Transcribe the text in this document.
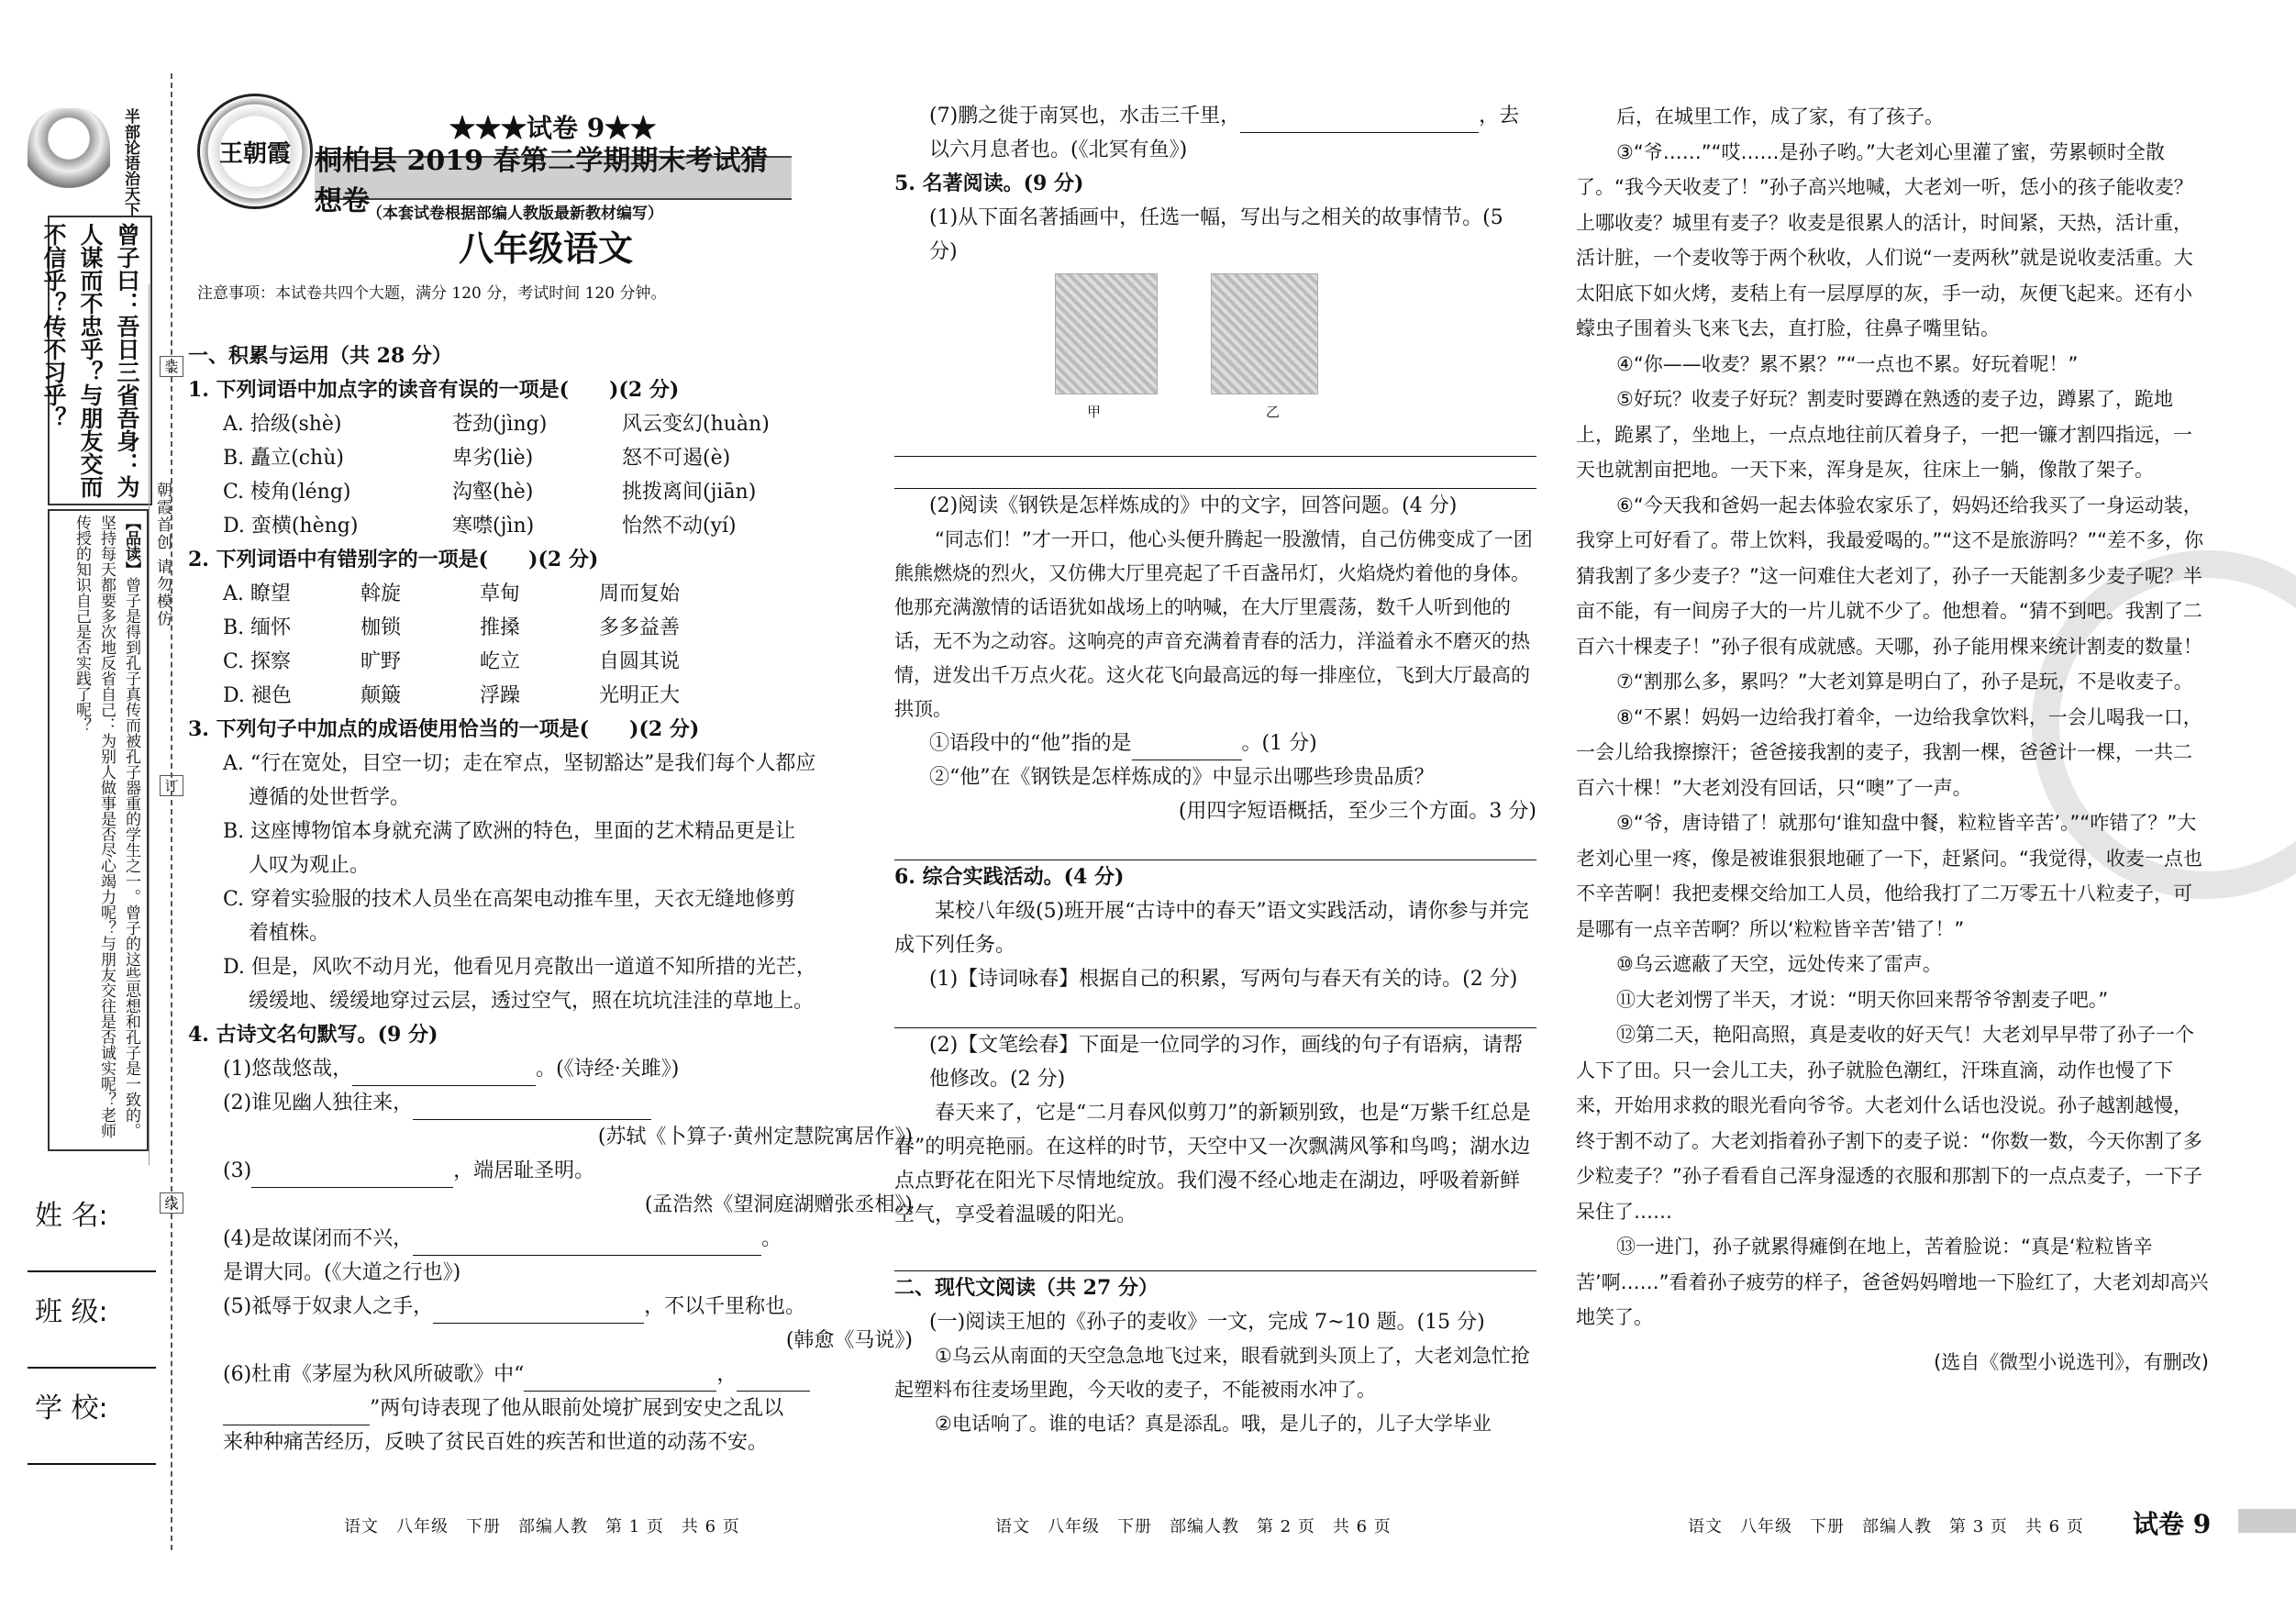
半部论语治天下
曾子曰：吾日三省吾身：为人谋而不忠乎？与朋友交而不信乎？传不习乎？
【品读】曾子是得到孔子真传而被孔子器重的学生之一。曾子的这些思想和孔子是一致的。坚持每天都要多次地反省自己：为别人做事是否尽心竭力呢？与朋友交往是否诚实呢？老师传授的知识自己是否实践了呢？	朝霞首创 请勿模仿
装
订
线
姓 名:
班 级:
学 校:
王朝霞
★★★试卷 9★★
桐柏县 2019 春第二学期期末考试猜想卷
（本套试卷根据部编人教版最新教材编写）
八年级语文
注意事项：本试卷共四个大题，满分 120 分，考试时间 120 分钟。
一、积累与运用（共 28 分）
1. 下列词语中加点字的读音有误的一项是(　　)(2 分)
A. 拾级(shè)	苍劲(jìng)	风云变幻(huàn)
B. 矗立(chù)	卑劣(liè)	怒不可遏(è)
C. 棱角(léng)	沟壑(hè)	挑拨离间(jiān)
D. 蛮横(hèng)	寒噤(jìn)	怡然不动(yí)
2. 下列词语中有错别字的一项是(　　)(2 分)
A. 瞭望	斡旋	草甸	周而复始
B. 缅怀	枷锁	推搡	多多益善
C. 探察	旷野	屹立	自圆其说
D. 褪色	颠簸	浮躁	光明正大
3. 下列句子中加点的成语使用恰当的一项是(　　)(2 分)
A. “行在宽处，目空一切；走在窄点，坚韧豁达”是我们每个人都应
遵循的处世哲学。
B. 这座博物馆本身就充满了欧洲的特色，里面的艺术精品更是让
人叹为观止。
C. 穿着实验服的技术人员坐在高架电动推车里，天衣无缝地修剪
着植株。
D. 但是，风吹不动月光，他看见月亮散出一道道不知所措的光芒，
缓缓地、缓缓地穿过云层，透过空气，照在坑坑洼洼的草地上。
4. 古诗文名句默写。(9 分)
(1)悠哉悠哉，	。(《诗经·关雎》)
(2)谁见幽人独往来，
(苏轼《卜算子·黄州定慧院寓居作》)
(3)	，端居耻圣明。
(孟浩然《望洞庭湖赠张丞相》)
(4)是故谋闭而不兴，	。
是谓大同。(《大道之行也》)
(5)祗辱于奴隶人之手，	，不以千里称也。
(韩愈《马说》)
(6)杜甫《茅屋为秋风所破歌》中“	，
”两句诗表现了他从眼前处境扩展到安史之乱以
来种种痛苦经历，反映了贫民百姓的疾苦和世道的动荡不安。
语文　八年级　下册　部编人教　第 1 页　共 6 页
(7)鹏之徙于南冥也，水击三千里，	，去
以六月息者也。(《北冥有鱼》)
5. 名著阅读。(9 分)
(1)从下面名著插画中，任选一幅，写出与之相关的故事情节。(5 分)
甲	乙
(2)阅读《钢铁是怎样炼成的》中的文字，回答问题。(4 分)
“同志们！”才一开口，他心头便升腾起一股激情，自己仿佛变成了一团熊熊燃烧的烈火，又仿佛大厅里亮起了千百盏吊灯，火焰烧灼着他的身体。他那充满激情的话语犹如战场上的呐喊，在大厅里震荡，数千人听到他的话，无不为之动容。这响亮的声音充满着青春的活力，洋溢着永不磨灭的热情，迸发出千万点火花。这火花飞向最高远的每一排座位，飞到大厅最高的拱顶。
①语段中的“他”指的是	。(1 分)
②“他”在《钢铁是怎样炼成的》中显示出哪些珍贵品质？
(用四字短语概括，至少三个方面。3 分)
6. 综合实践活动。(4 分)
某校八年级(5)班开展“古诗中的春天”语文实践活动，请你参与并完成下列任务。
(1)【诗词咏春】根据自己的积累，写两句与春天有关的诗。(2 分)
(2)【文笔绘春】下面是一位同学的习作，画线的句子有语病，请帮他修改。(2 分)
春天来了，它是“二月春风似剪刀”的新颖别致，也是“万紫千红总是春”的明亮艳丽。在这样的时节，天空中又一次飘满风筝和鸟鸣；湖水边点点野花在阳光下尽情地绽放。我们漫不经心地走在湖边，呼吸着新鲜空气，享受着温暖的阳光。
二、现代文阅读（共 27 分）
(一)阅读王旭的《孙子的麦收》一文，完成 7~10 题。(15 分)
①乌云从南面的天空急急地飞过来，眼看就到头顶上了，大老刘急忙抢起塑料布往麦场里跑，今天收的麦子，不能被雨水冲了。
②电话响了。谁的电话？真是添乱。哦，是儿子的，儿子大学毕业
语文　八年级　下册　部编人教　第 2 页　共 6 页
后，在城里工作，成了家，有了孩子。
③“爷……”“哎……是孙子哟。”大老刘心里灌了蜜，劳累顿时全散了。“我今天收麦了！”孙子高兴地喊，大老刘一听，恁小的孩子能收麦？上哪收麦？城里有麦子？收麦是很累人的活计，时间紧，天热，活计重，活计脏，一个麦收等于两个秋收，人们说“一麦两秋”就是说收麦活重。大太阳底下如火烤，麦秸上有一层厚厚的灰，手一动，灰便飞起来。还有小蠓虫子围着头飞来飞去，直打脸，往鼻子嘴里钻。
④“你——收麦？累不累？”“一点也不累。好玩着呢！”
⑤好玩？收麦子好玩？割麦时要蹲在熟透的麦子边，蹲累了，跪地上，跪累了，坐地上，一点点地往前仄着身子，一把一镰才割四指远，一天也就割亩把地。一天下来，浑身是灰，往床上一躺，像散了架子。
⑥“今天我和爸妈一起去体验农家乐了，妈妈还给我买了一身运动装，我穿上可好看了。带上饮料，我最爱喝的。”“这不是旅游吗？”“差不多，你猜我割了多少麦子？”这一问难住大老刘了，孙子一天能割多少麦子呢？半亩不能，有一间房子大的一片儿就不少了。他想着。“猜不到吧。我割了二百六十棵麦子！”孙子很有成就感。天哪，孙子能用棵来统计割麦的数量！
⑦“割那么多，累吗？”大老刘算是明白了，孙子是玩，不是收麦子。
⑧“不累！妈妈一边给我打着伞，一边给我拿饮料，一会儿喝我一口，一会儿给我擦擦汗；爸爸接我割的麦子，我割一棵，爸爸计一棵，一共二百六十棵！”大老刘没有回话，只“噢”了一声。
⑨“爷，唐诗错了！就那句‘谁知盘中餐，粒粒皆辛苦’。”“咋错了？”大老刘心里一疼，像是被谁狠狠地砸了一下，赶紧问。“我觉得，收麦一点也不辛苦啊！我把麦棵交给加工人员，他给我打了二万零五十八粒麦子，可是哪有一点辛苦啊？所以‘粒粒皆辛苦’错了！”
⑩乌云遮蔽了天空，远处传来了雷声。
⑪大老刘愣了半天，才说：“明天你回来帮爷爷割麦子吧。”
⑫第二天，艳阳高照，真是麦收的好天气！大老刘早早带了孙子一个人下了田。只一会儿工夫，孙子就脸色潮红，汗珠直滴，动作也慢了下来，开始用求救的眼光看向爷爷。大老刘什么话也没说。孙子越割越慢，终于割不动了。大老刘指着孙子割下的麦子说：“你数一数，今天你割了多少粒麦子？”孙子看看自己浑身湿透的衣服和那割下的一点点麦子，一下子呆住了……
⑬一进门，孙子就累得瘫倒在地上，苦着脸说：“真是‘粒粒皆辛苦’啊……”看着孙子疲劳的样子，爸爸妈妈噌地一下脸红了，大老刘却高兴地笑了。
(选自《微型小说选刊》，有删改)
语文　八年级　下册　部编人教　第 3 页　共 6 页 试卷 9
